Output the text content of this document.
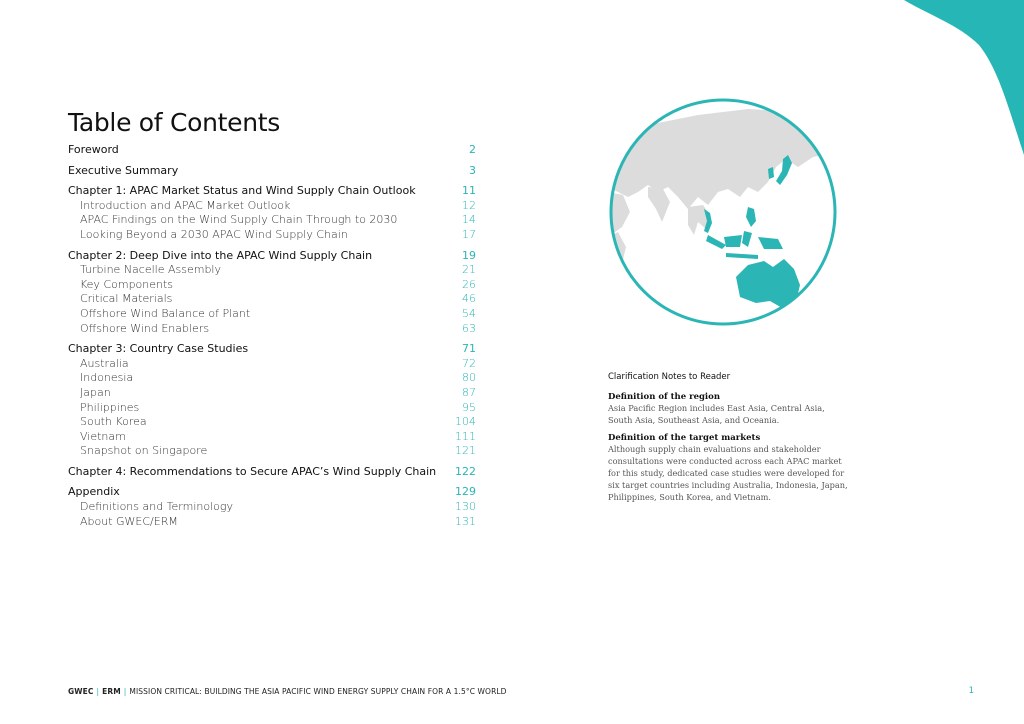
Table of Contents
Foreword	2
Executive Summary	3
Chapter 1: APAC Market Status and Wind Supply Chain Outlook	11
Introduction and APAC Market Outlook	12
APAC Findings on the Wind Supply Chain Through to 2030	14
Looking Beyond a 2030 APAC Wind Supply Chain	17
Chapter 2: Deep Dive into the APAC Wind Supply Chain	19
Turbine Nacelle Assembly	21
Key Components	26
Critical Materials	46
Offshore Wind Balance of Plant	54
Offshore Wind Enablers	63
Chapter 3: Country Case Studies	71
Australia	72
Indonesia	80
Japan	87
Philippines	95
South Korea	104
Vietnam	111
Snapshot on Singapore	121
Chapter 4: Recommendations to Secure APAC’s Wind Supply Chain 122
Appendix	129
Definitions and Terminology	130
About GWEC/ERM	131
Clarification Notes to Reader
Definition of the region

Asia Pacific Region includes East Asia, Central Asia, South Asia, Southeast Asia, and Oceania.

Definition of the target markets

Although supply chain evaluations and stakeholder consultations were conducted across each APAC market for this study, dedicated case studies were developed for six target countries including Australia, Indonesia, Japan, Philippines, South Korea, and Vietnam.

GWEC | ERM | MISSION CRITICAL: BUILDING THE ASIA PACIFIC WIND ENERGY SUPPLY CHAIN FOR A 1.5°C WORLD	1
